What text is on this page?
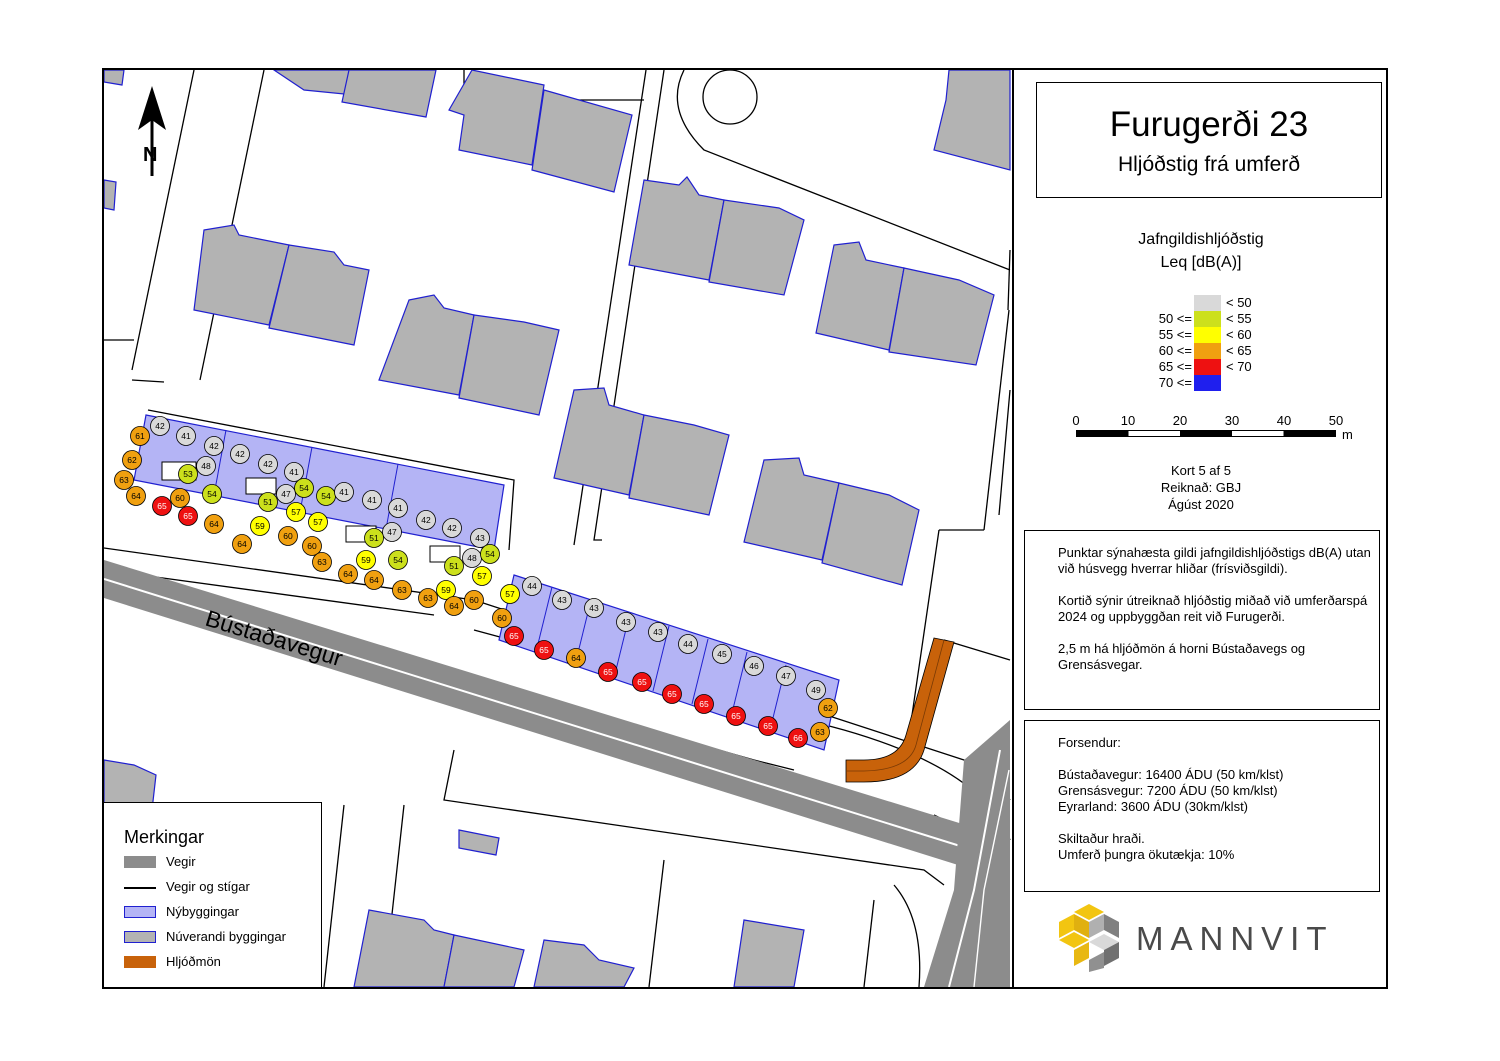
Bústaðavegur
N
42
61	41
42
62
53
48
42
42
41
63
47
54
54 41
41
41
64	60	54
51
57
57
47
42
42
43
65
65
64	59
64
60
60
51
54	48 54
63	59
64
51
57
64
63	59
63
64
60
44
57
43
43
43
43
60
44
45
46
47
65
65
64
65
65
65
65
65
65
49
62
66
63
Merkingar
Vegir
Vegir og stígar
Nýbyggingar
Núverandi byggingar
Hljóðmön
Furugerði 23
Hljóðstig frá umferð
Jafngildishljóðstig
Leq [dB(A)]
< 50
50 <=	< 55
55 <=	< 60
60 <=	< 65
65 <=	< 70
70 <=
0	10	20	30	40	50
m
Kort 5 af 5
Reiknað: GBJ
Ágúst 2020

Punktar sýnahæsta gildi jafngildishljóðstigs dB(A) utan við húsvegg hverrar hliðar (frísviðsgildi).

Kortið sýnir útreiknað hljóðstig miðað við umferðarspá 2024 og uppbyggðan reit við Furugerði.

2,5 m há hljóðmön á horni Bústaðavegs og Grensásvegar.

Forsendur:

Bústaðavegur: 16400 ÁDU (50 km/klst)
Grensásvegur: 7200 ÁDU (50 km/klst)
Eyrarland: 3600 ÁDU (30km/klst)
Skiltaður hraði.
Umferð þungra ökutækja: 10%
MANNVIT
